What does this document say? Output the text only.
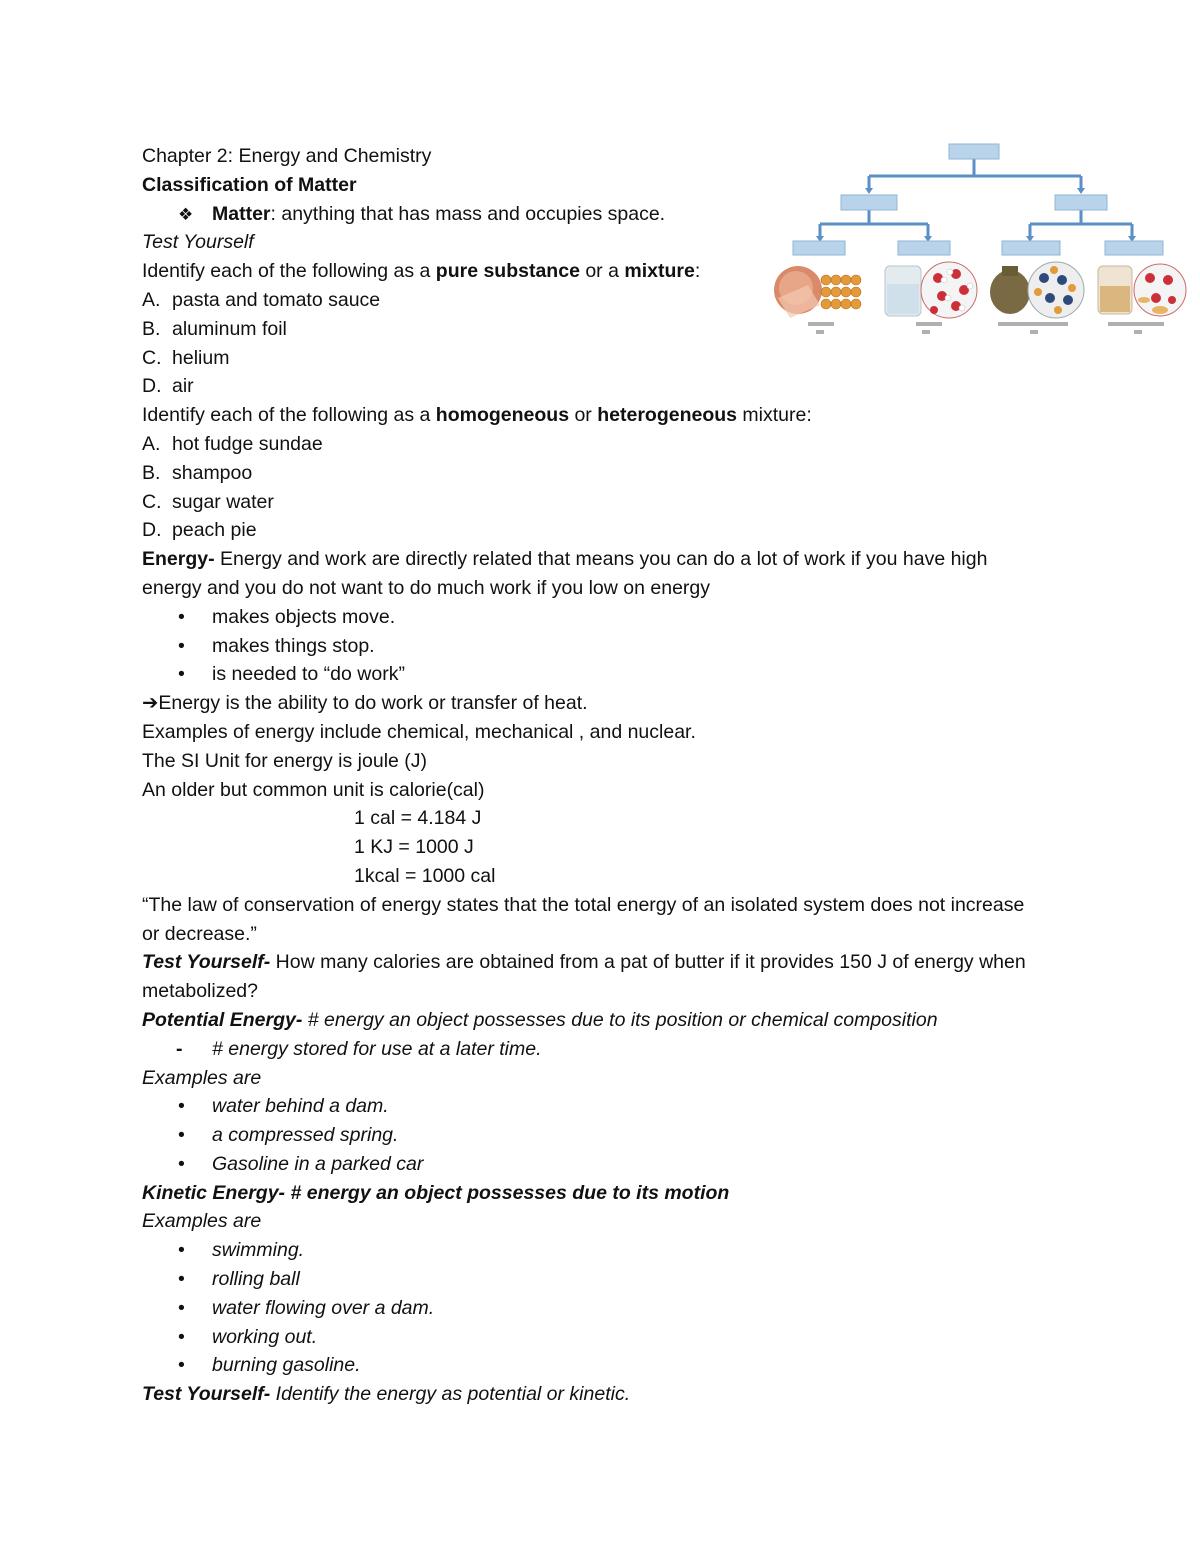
Chapter 2: Energy and Chemistry
Classification of Matter
❖ Matter: anything that has mass and occupies space.
Test Yourself
Identify each of the following as a pure substance or a mixture:
A. pasta and tomato sauce
B. aluminum foil
C. helium
D. air
Identify each of the following as a homogeneous or heterogeneous mixture:
A. hot fudge sundae
B. shampoo
C. sugar water
D. peach pie
Energy- Energy and work are directly related that means you can do a lot of work if you have high energy and you do not want to do much work if you low on energy
• makes objects move.
• makes things stop.
• is needed to “do work”
➔Energy is the ability to do work or transfer of heat.
Examples of energy include chemical, mechanical , and nuclear.
The SI Unit for energy is joule (J)
An older but common unit is calorie(cal)
1 cal = 4.184 J
1 KJ = 1000 J
1kcal = 1000 cal
“The law of conservation of energy states that the total energy of an isolated system does not increase or decrease.”
Test Yourself- How many calories are obtained from a pat of butter if it provides 150 J of energy when metabolized?
Potential Energy- # energy an object possesses due to its position or chemical composition
- # energy stored for use at a later time.
Examples are
• water behind a dam.
• a compressed spring.
• Gasoline in a parked car
Kinetic Energy- # energy an object possesses due to its motion
Examples are
• swimming.
• rolling ball
• water flowing over a dam.
• working out.
• burning gasoline.
Test Yourself- Identify the energy as potential or kinetic.
